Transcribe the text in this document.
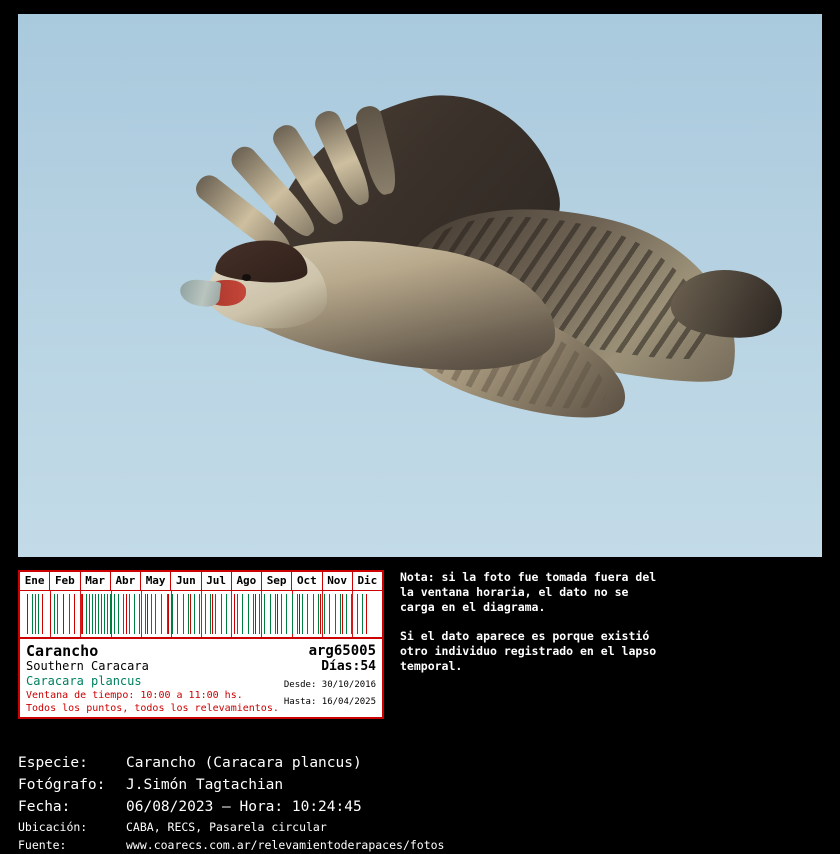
Ene Feb Mar Abr May Jun Jul Ago Sep Oct Nov Dic
Carancho
Southern Caracara
Caracara plancus
Ventana de tiempo: 10:00 a 11:00 hs.
Todos los puntos, todos los relevamientos.
arg65005
Días:54
Desde: 30/10/2016
Hasta: 16/04/2025

Nota: si la foto fue tomada fuera del la ventana horaria, el dato no se carga en el diagrama.

Si el dato aparece es porque existió otro individuo registrado en el lapso temporal.

Especie:	Carancho (Caracara plancus)
Fotógrafo:	J.Simón Tagtachian
Fecha:	06/08/2023 – Hora: 10:24:45
Ubicación:	CABA, RECS, Pasarela circular
Fuente:	www.coarecs.com.ar/relevamientoderapaces/fotos
